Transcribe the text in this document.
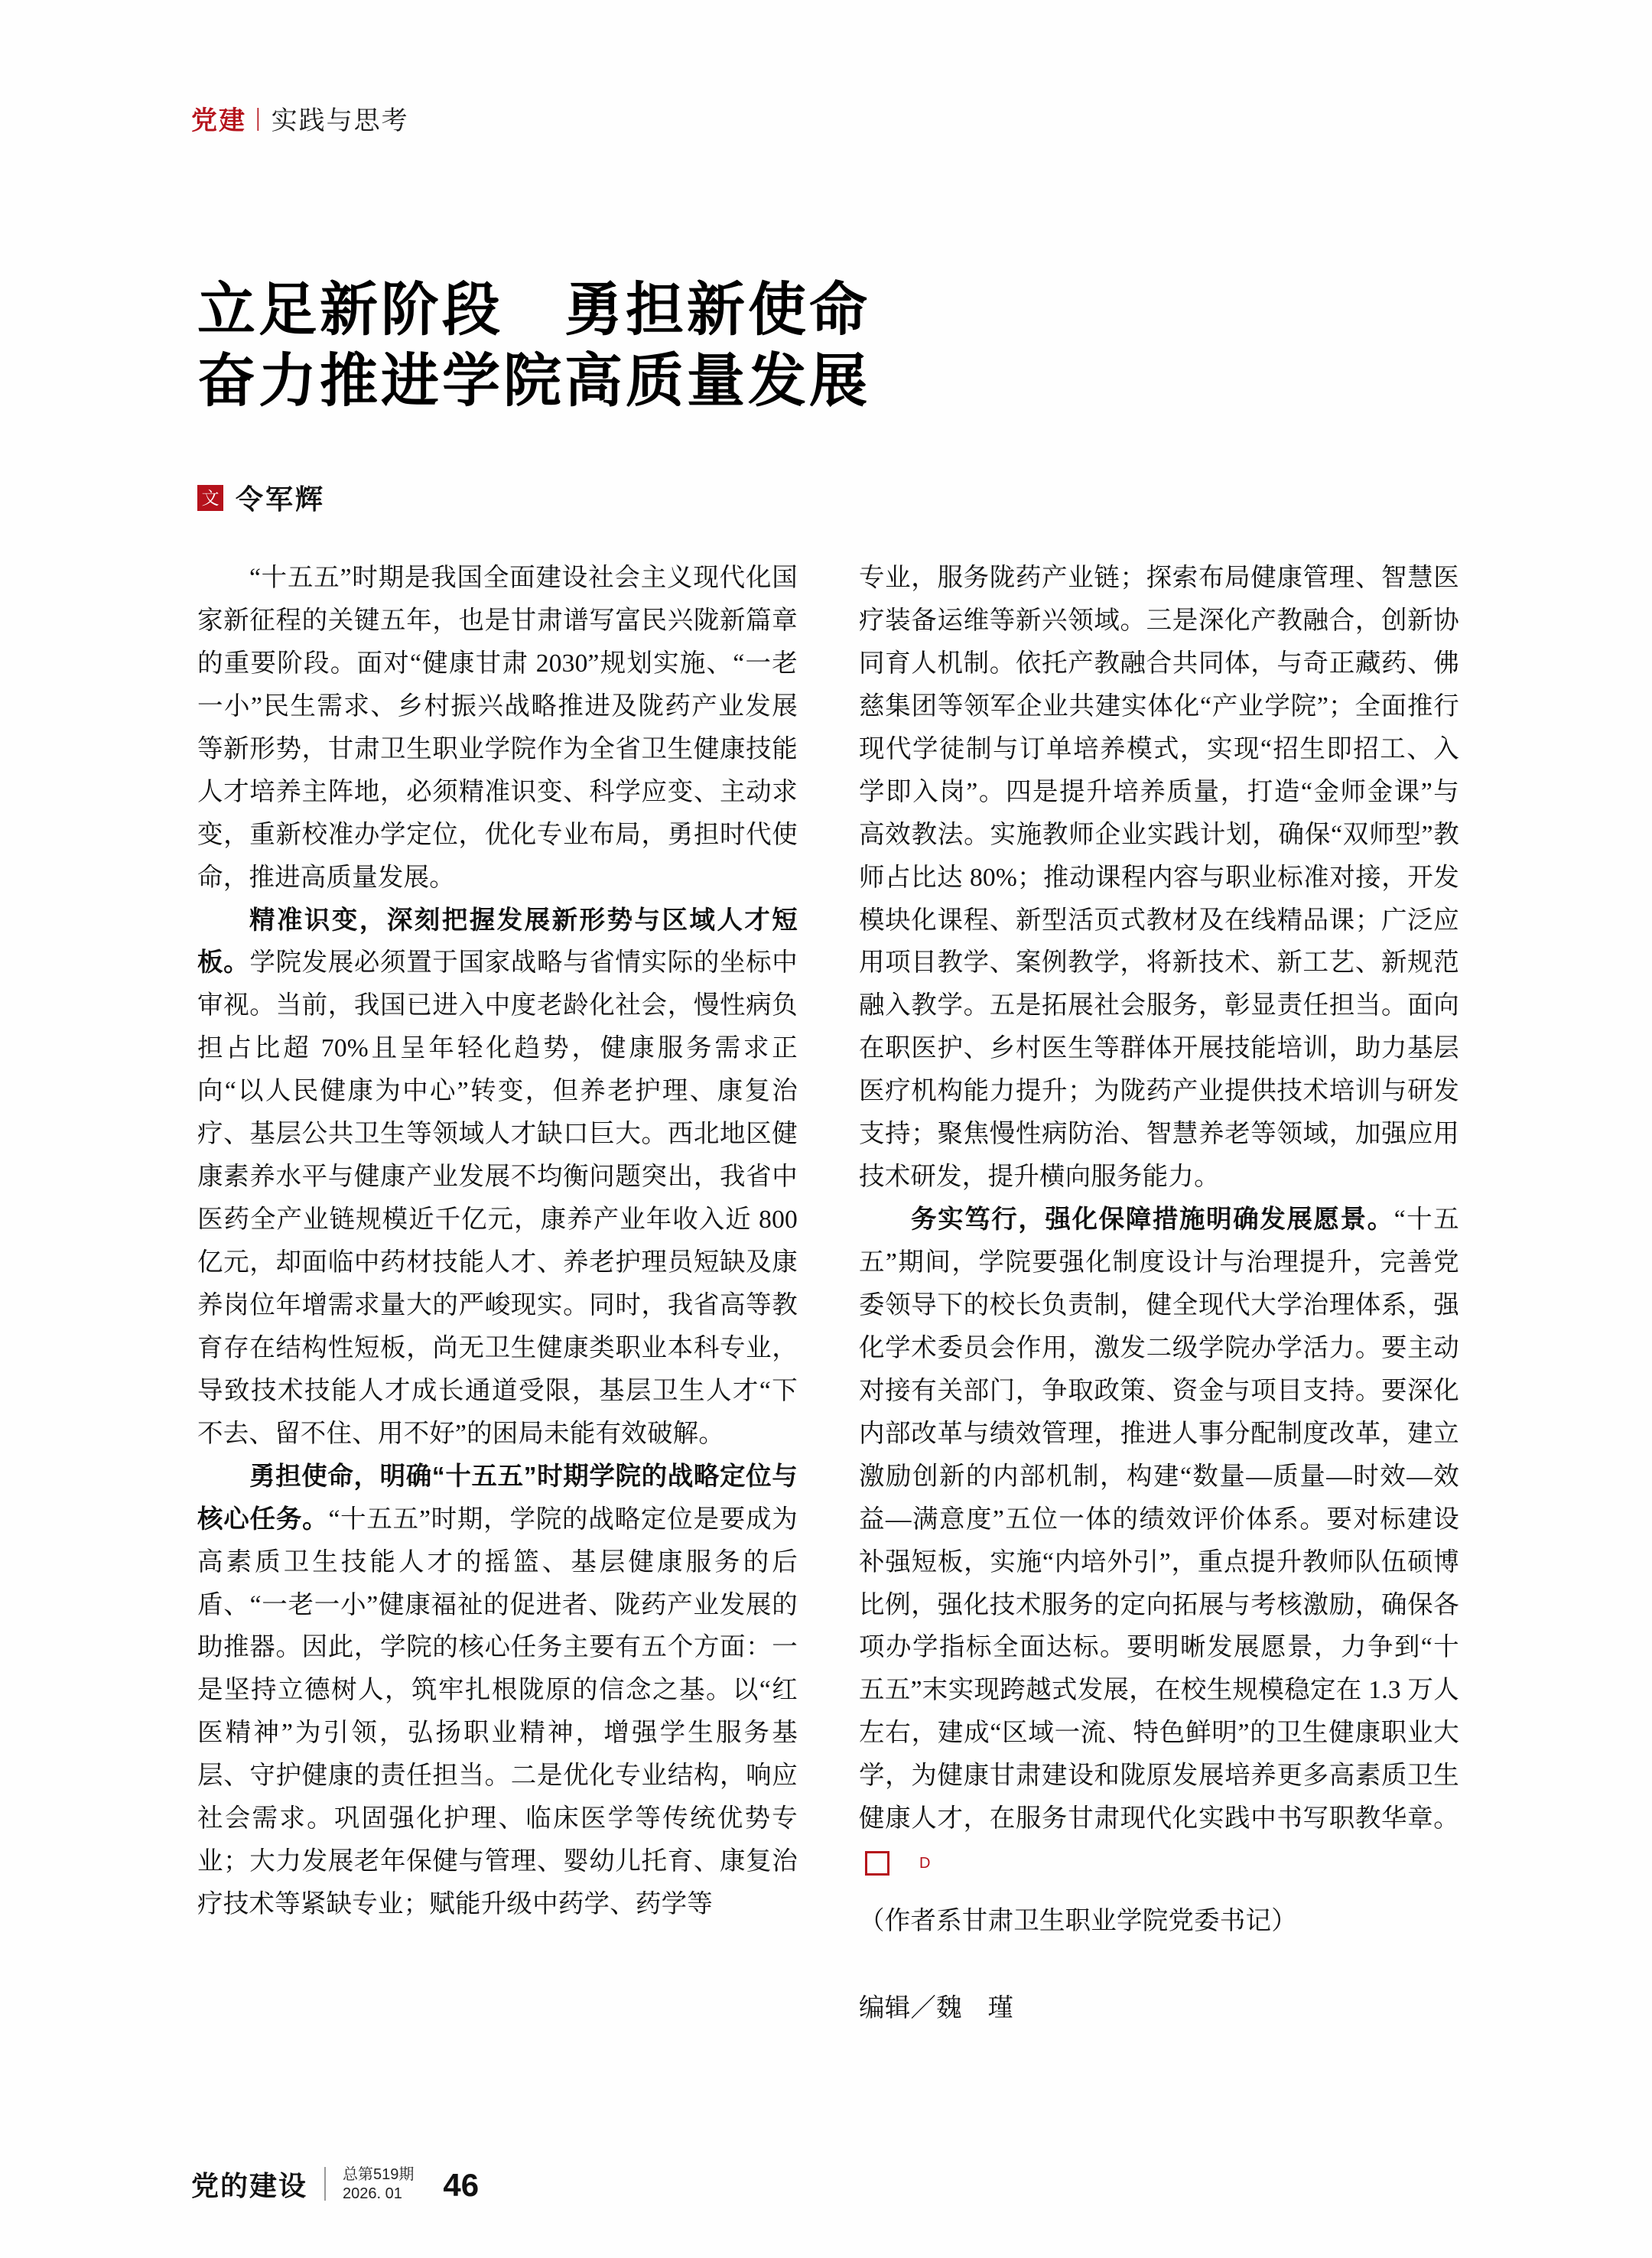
党建 | 实践与思考
立足新阶段　勇担新使命
奋力推进学院高质量发展
文 令军辉

“十五五”时期是我国全面建设社会主义现代化国家新征程的关键五年，也是甘肃谱写富民兴陇新篇章的重要阶段。面对“健康甘肃 2030”规划实施、“一老一小”民生需求、乡村振兴战略推进及陇药产业发展等新形势，甘肃卫生职业学院作为全省卫生健康技能人才培养主阵地，必须精准识变、科学应变、主动求变，重新校准办学定位，优化专业布局，勇担时代使命，推进高质量发展。

精准识变，深刻把握发展新形势与区域人才短板。学院发展必须置于国家战略与省情实际的坐标中审视。当前，我国已进入中度老龄化社会，慢性病负担占比超 70%且呈年轻化趋势，健康服务需求正向“以人民健康为中心”转变，但养老护理、康复治疗、基层公共卫生等领域人才缺口巨大。西北地区健康素养水平与健康产业发展不均衡问题突出，我省中医药全产业链规模近千亿元，康养产业年收入近 800 亿元，却面临中药材技能人才、养老护理员短缺及康养岗位年增需求量大的严峻现实。同时，我省高等教育存在结构性短板，尚无卫生健康类职业本科专业，导致技术技能人才成长通道受限，基层卫生人才“下不去、留不住、用不好”的困局未能有效破解。

勇担使命，明确“十五五”时期学院的战略定位与核心任务。“十五五”时期，学院的战略定位是要成为高素质卫生技能人才的摇篮、基层健康服务的后盾、“一老一小”健康福祉的促进者、陇药产业发展的助推器。因此，学院的核心任务主要有五个方面：一是坚持立德树人，筑牢扎根陇原的信念之基。以“红医精神”为引领，弘扬职业精神，增强学生服务基层、守护健康的责任担当。二是优化专业结构，响应社会需求。巩固强化护理、临床医学等传统优势专业；大力发展老年保健与管理、婴幼儿托育、康复治疗技术等紧缺专业；赋能升级中药学、药学等

专业，服务陇药产业链；探索布局健康管理、智慧医疗装备运维等新兴领域。三是深化产教融合，创新协同育人机制。依托产教融合共同体，与奇正藏药、佛慈集团等领军企业共建实体化“产业学院”；全面推行现代学徒制与订单培养模式，实现“招生即招工、入学即入岗”。四是提升培养质量，打造“金师金课”与高效教法。实施教师企业实践计划，确保“双师型”教师占比达 80%；推动课程内容与职业标准对接，开发模块化课程、新型活页式教材及在线精品课；广泛应用项目教学、案例教学，将新技术、新工艺、新规范融入教学。五是拓展社会服务，彰显责任担当。面向在职医护、乡村医生等群体开展技能培训，助力基层医疗机构能力提升；为陇药产业提供技术培训与研发支持；聚焦慢性病防治、智慧养老等领域，加强应用技术研发，提升横向服务能力。

务实笃行，强化保障措施明确发展愿景。“十五五”期间，学院要强化制度设计与治理提升，完善党委领导下的校长负责制，健全现代大学治理体系，强化学术委员会作用，激发二级学院办学活力。要主动对接有关部门，争取政策、资金与项目支持。要深化内部改革与绩效管理，推进人事分配制度改革，建立激励创新的内部机制，构建“数量—质量—时效—效益—满意度”五位一体的绩效评价体系。要对标建设补强短板，实施“内培外引”，重点提升教师队伍硕博比例，强化技术服务的定向拓展与考核激励，确保各项办学指标全面达标。要明晰发展愿景，力争到“十五五”末实现跨越式发展，在校生规模稳定在 1.3 万人左右，建成“区域一流、特色鲜明”的卫生健康职业大学，为健康甘肃建设和陇原发展培养更多高素质卫生健康人才，在服务甘肃现代化实践中书写职教华章。D

（作者系甘肃卫生职业学院党委书记）

编辑／魏　瑾

党的建设 总第519期
2026. 01	46
